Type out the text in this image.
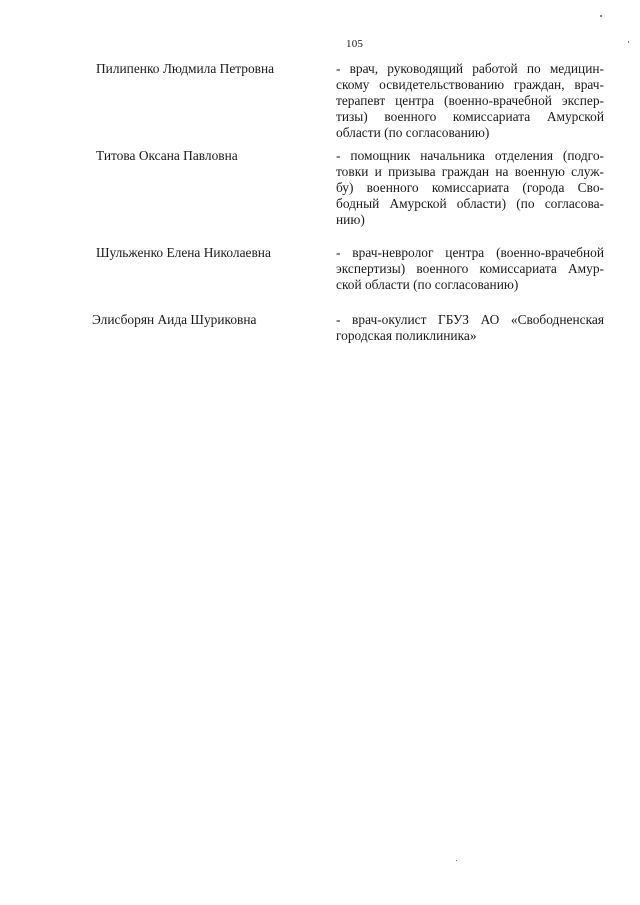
105
Пилипенко Людмила Петровна	- врач, руководящий работой по медицин-
скому освидетельствованию граждан, врач-
терапевт центра (военно-врачебной экспер-
тизы) военного комиссариата Амурской
области (по согласованию)
Титова Оксана Павловна	- помощник начальника отделения (подго-
товки и призыва граждан на военную служ-
бу) военного комиссариата (города Сво-
бодный Амурской области) (по согласова-
нию)
Шульженко Елена Николаевна	- врач-невролог центра (военно-врачебной
экспертизы) военного комиссариата Амур-
ской области (по согласованию)
Элисборян Аида Шуриковна	- врач-окулист ГБУЗ АО «Свободненская
городская поликлиника»
